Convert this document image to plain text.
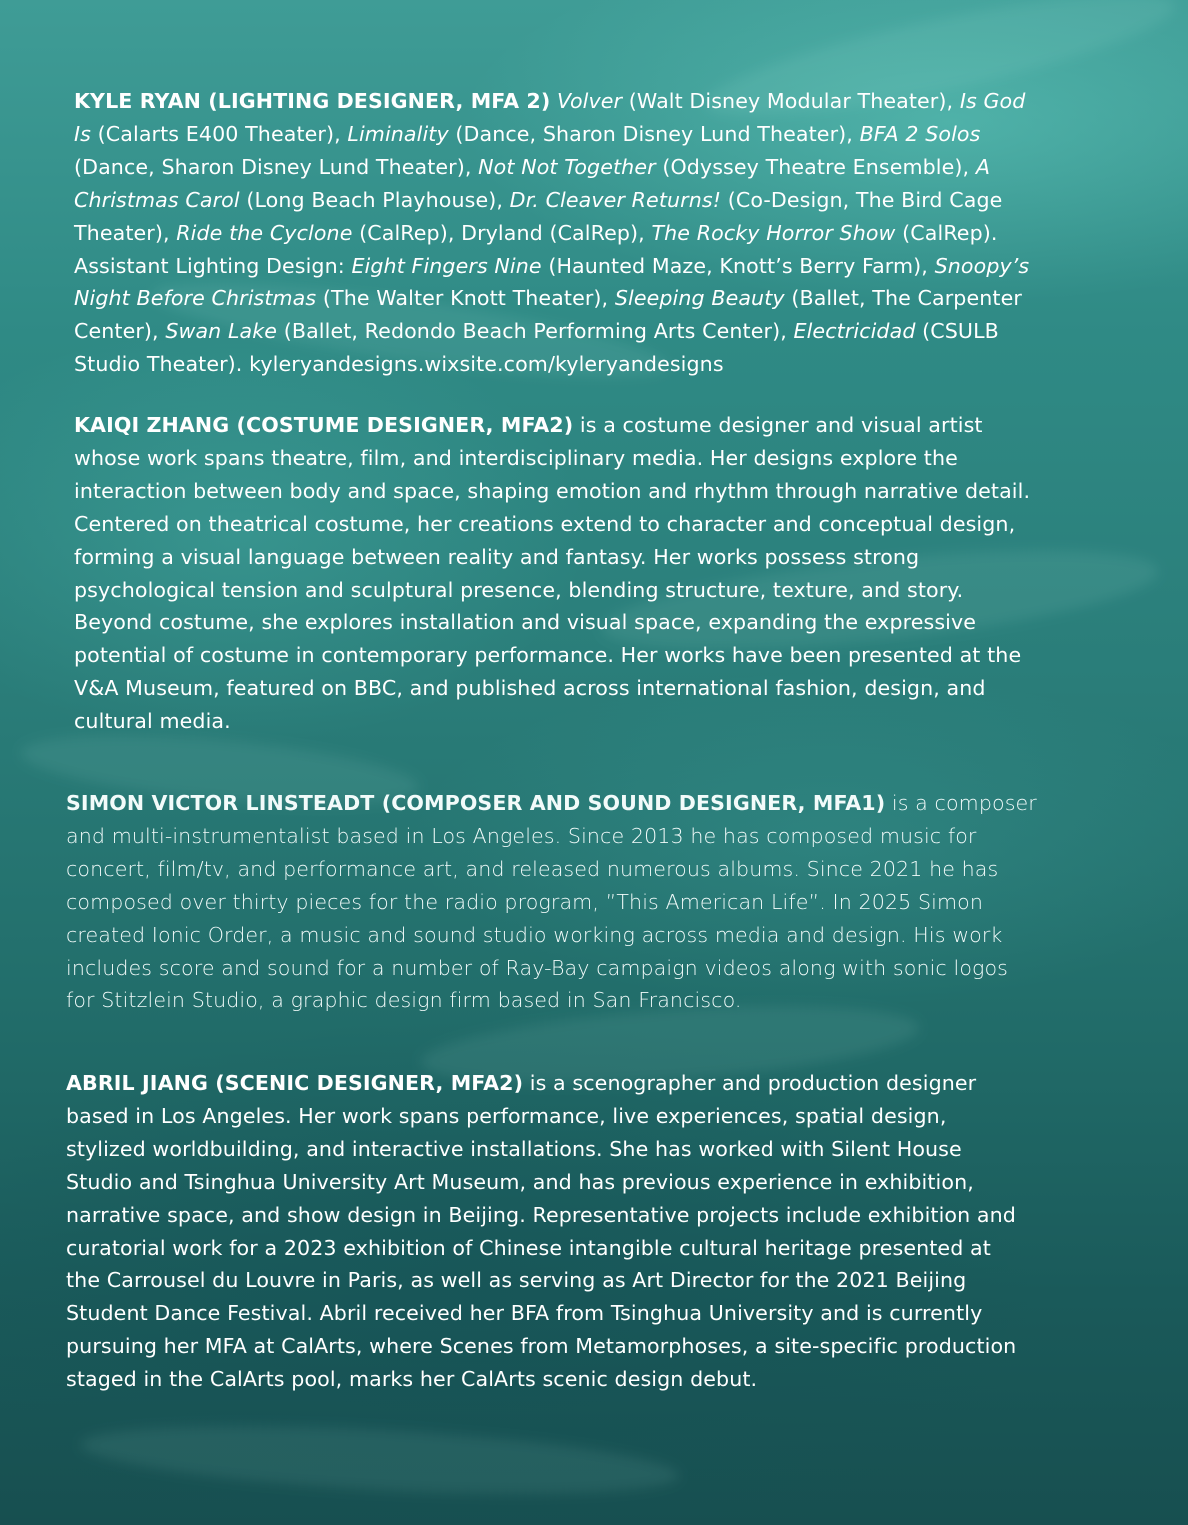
KYLE RYAN (LIGHTING DESIGNER, MFA 2) Volver (Walt Disney Modular Theater), Is God
Is (Calarts E400 Theater), Liminality (Dance, Sharon Disney Lund Theater), BFA 2 Solos
(Dance, Sharon Disney Lund Theater), Not Not Together (Odyssey Theatre Ensemble), A
Christmas Carol (Long Beach Playhouse), Dr. Cleaver Returns! (Co-Design, The Bird Cage
Theater), Ride the Cyclone (CalRep), Dryland (CalRep), The Rocky Horror Show (CalRep).
Assistant Lighting Design: Eight Fingers Nine (Haunted Maze, Knott’s Berry Farm), Snoopy’s
Night Before Christmas (The Walter Knott Theater), Sleeping Beauty (Ballet, The Carpenter
Center), Swan Lake (Ballet, Redondo Beach Performing Arts Center), Electricidad (CSULB
Studio Theater). kyleryandesigns.wixsite.com/kyleryandesigns

KAIQI ZHANG (COSTUME DESIGNER, MFA2) is a costume designer and visual artist
whose work spans theatre, film, and interdisciplinary media. Her designs explore the
interaction between body and space, shaping emotion and rhythm through narrative detail.
Centered on theatrical costume, her creations extend to character and conceptual design,
forming a visual language between reality and fantasy. Her works possess strong
psychological tension and sculptural presence, blending structure, texture, and story.
Beyond costume, she explores installation and visual space, expanding the expressive
potential of costume in contemporary performance. Her works have been presented at the
V&A Museum, featured on BBC, and published across international fashion, design, and
cultural media.

SIMON VICTOR LINSTEADT (COMPOSER AND SOUND DESIGNER, MFA1) is a composer
and multi-instrumentalist based in Los Angeles. Since 2013 he has composed music for
concert, film/tv, and performance art, and released numerous albums. Since 2021 he has
composed over thirty pieces for the radio program, ”This American Life”. In 2025 Simon
created Ionic Order, a music and sound studio working across media and design. His work
includes score and sound for a number of Ray-Bay campaign videos along with sonic logos
for Stitzlein Studio, a graphic design firm based in San Francisco.

ABRIL JIANG (SCENIC DESIGNER, MFA2) is a scenographer and production designer
based in Los Angeles. Her work spans performance, live experiences, spatial design,
stylized worldbuilding, and interactive installations. She has worked with Silent House
Studio and Tsinghua University Art Museum, and has previous experience in exhibition,
narrative space, and show design in Beijing. Representative projects include exhibition and
curatorial work for a 2023 exhibition of Chinese intangible cultural heritage presented at
the Carrousel du Louvre in Paris, as well as serving as Art Director for the 2021 Beijing
Student Dance Festival. Abril received her BFA from Tsinghua University and is currently
pursuing her MFA at CalArts, where Scenes from Metamorphoses, a site-specific production
staged in the CalArts pool, marks her CalArts scenic design debut.
